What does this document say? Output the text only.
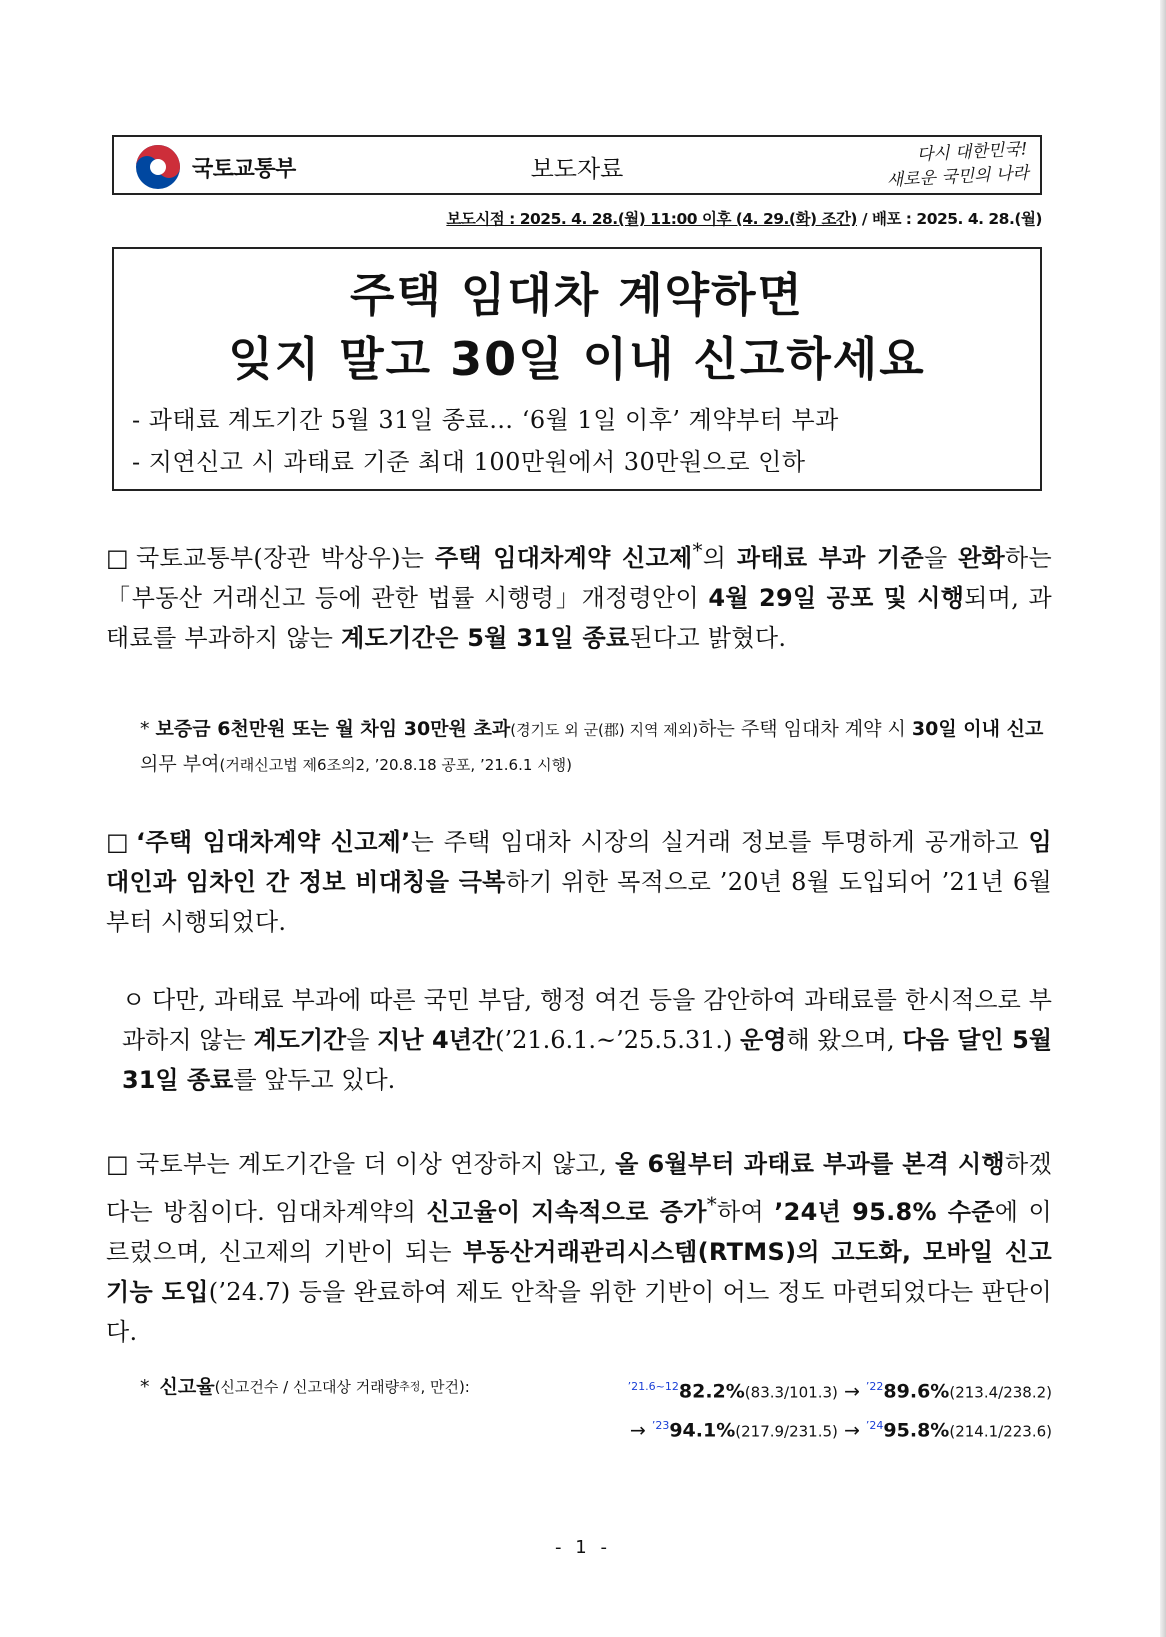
국토교통부	보도자료
다시 대한민국!
새로운 국민의 나라
보도시점 : 2025. 4. 28.(월) 11:00 이후 (4. 29.(화) 조간) / 배포 : 2025. 4. 28.(월)
주택 임대차 계약하면
잊지 말고 30일 이내 신고하세요
- 과태료 계도기간 5월 31일 종료… ‘6월 1일 이후’ 계약부터 부과
- 지연신고 시 과태료 기준 최대 100만원에서 30만원으로 인하
□ 국토교통부(장관 박상우)는 주택 임대차계약 신고제*의 과태료 부과 기준을 완화하는「부동산 거래신고 등에 관한 법률 시행령」개정령안이 4월 29일 공포 및 시행되며, 과태료를 부과하지 않는 계도기간은 5월 31일 종료된다고 밝혔다.
* 보증금 6천만원 또는 월 차임 30만원 초과(경기도 외 군(郡) 지역 제외)하는 주택 임대차 계약 시 30일 이내 신고 의무 부여(거래신고법 제6조의2, ’20.8.18 공포, ’21.6.1 시행)
□ ‘주택 임대차계약 신고제’는 주택 임대차 시장의 실거래 정보를 투명하게 공개하고 임대인과 임차인 간 정보 비대칭을 극복하기 위한 목적으로 ’20년 8월 도입되어 ’21년 6월부터 시행되었다.
ㅇ 다만, 과태료 부과에 따른 국민 부담, 행정 여건 등을 감안하여 과태료를 한시적으로 부과하지 않는 계도기간을 지난 4년간(’21.6.1.~’25.5.31.) 운영해 왔으며, 다음 달인 5월 31일 종료를 앞두고 있다.
□ 국토부는 계도기간을 더 이상 연장하지 않고, 올 6월부터 과태료 부과를 본격 시행하겠다는 방침이다. 임대차계약의 신고율이 지속적으로 증가*하여 ’24년 95.8% 수준에 이르렀으며, 신고제의 기반이 되는 부동산거래관리시스템(RTMS)의 고도화, 모바일 신고기능 도입(’24.7) 등을 완료하여 제도 안착을 위한 기반이 어느 정도 마련되었다는 판단이다.
* 신고율 (신고건수 / 신고대상 거래량 추정 , 만건):	$^{’21.6\sim 12}$82.2%(83.3/101.3) → $^{’22}$89.6%(213.4/238.2)
→ $^{’23}$94.1%(217.9/231.5) → $^{’24}$95.8%(214.1/223.6)
- 1 -
